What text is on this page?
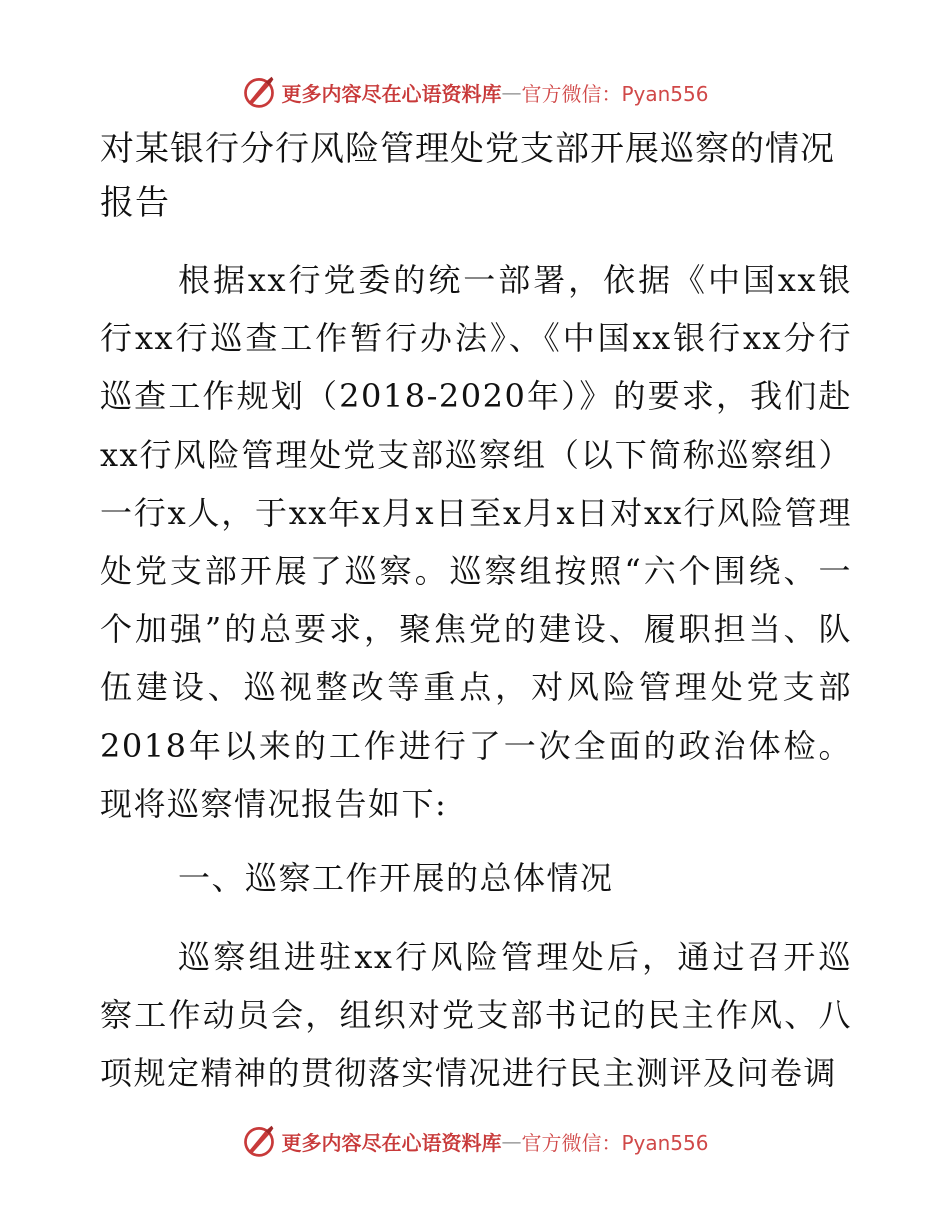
更多内容尽在心语资料库 — 官方微信：Pyan556
对某银行分行风险管理处党支部开展巡察的情况报告

根据xx行党委的统一部署，依据《中国xx银行xx行巡查工作暂行办法》、《中国xx银行xx分行巡查工作规划（2018-2020年）》的要求，我们赴xx行风险管理处党支部巡察组（以下简称巡察组）一行x人，于xx年x月x日至x月x日对xx行风险管理处党支部开展了巡察。巡察组按照“六个围绕、一个加强”的总要求，聚焦党的建设、履职担当、队伍建设、巡视整改等重点，对风险管理处党支部2018年以来的工作进行了一次全面的政治体检。现将巡察情况报告如下:

一、巡察工作开展的总体情况

巡察组进驻xx行风险管理处后，通过召开巡察工作动员会，组织对党支部书记的民主作风、八项规定精神的贯彻落实情况进行民主测评及问卷调

更多内容尽在心语资料库 — 官方微信：Pyan556
